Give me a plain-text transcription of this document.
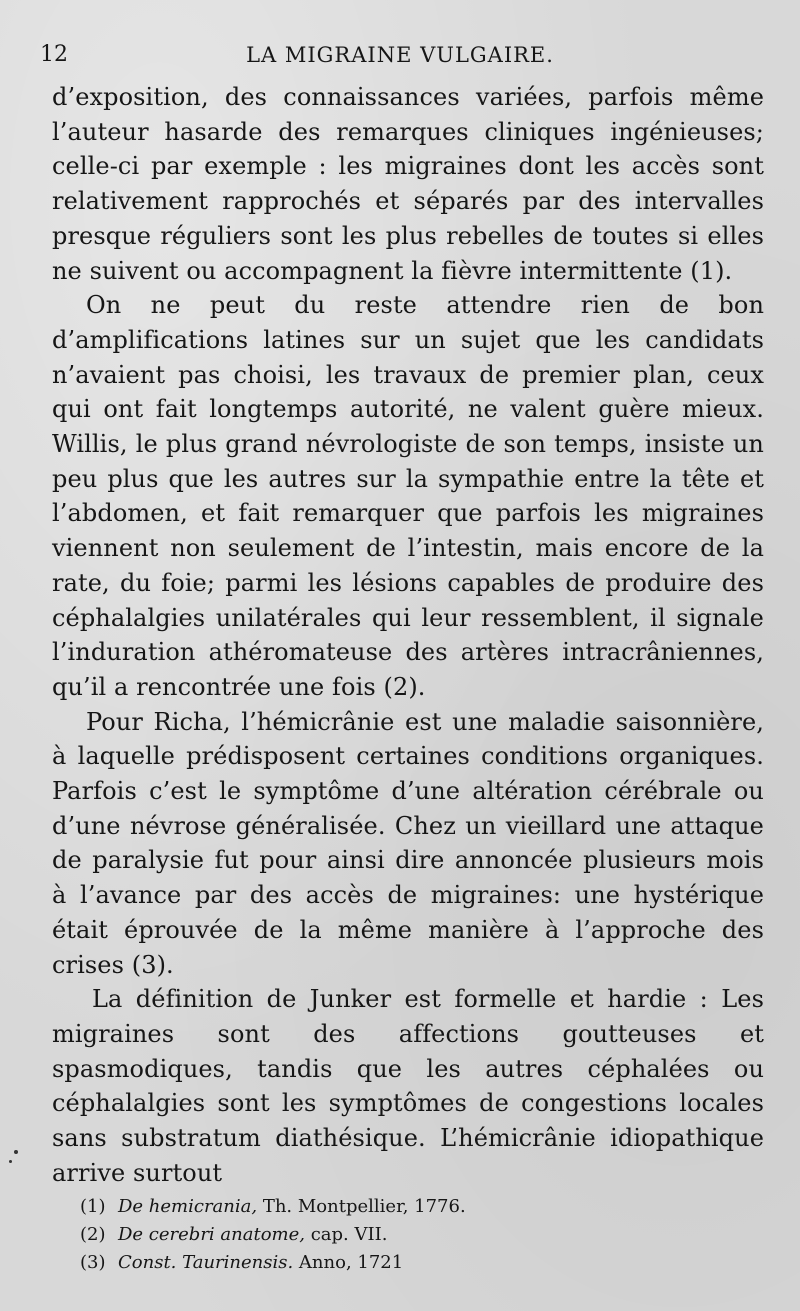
12	LA MIGRAINE VULGAIRE.

d’exposition, des connaissances variées, parfois même l’auteur hasarde des remarques cliniques ingénieuses; celle-ci par exemple : les migraines dont les accès sont relativement rapprochés et séparés par des intervalles presque réguliers sont les plus rebelles de toutes si elles ne suivent ou accompagnent la fièvre intermittente (1).

On ne peut du reste attendre rien de bon d’amplifications latines sur un sujet que les candidats n’avaient pas choisi, les travaux de premier plan, ceux qui ont fait longtemps autorité, ne valent guère mieux. Willis, le plus grand névrologiste de son temps, insiste un peu plus que les autres sur la sympathie entre la tête et l’abdomen, et fait remarquer que parfois les migraines viennent non seulement de l’intestin, mais encore de la rate, du foie; parmi les lésions capables de produire des céphalalgies unilatérales qui leur ressemblent, il signale l’induration athéromateuse des artères intracrâniennes, qu’il a rencontrée une fois (2).

Pour Richa, l’hémicrânie est une maladie saisonnière, à laquelle prédisposent certaines conditions organiques. Parfois c’est le symptôme d’une altération cérébrale ou d’une névrose généralisée. Chez un vieillard une attaque de paralysie fut pour ainsi dire annoncée plusieurs mois à l’avance par des accès de migraines: une hystérique était éprouvée de la même manière à l’approche des crises (3).

La définition de Junker est formelle et hardie : Les migraines sont des affections goutteuses et spasmodiques, tandis que les autres céphalées ou céphalalgies sont les symptômes de congestions locales sans substratum diathésique. L’hémicrânie idiopathique arrive surtout

(1) De hemicrania, Th. Montpellier, 1776.
(2) De cerebri anatome, cap. VII.
(3) Const. Taurinensis. Anno, 1721
